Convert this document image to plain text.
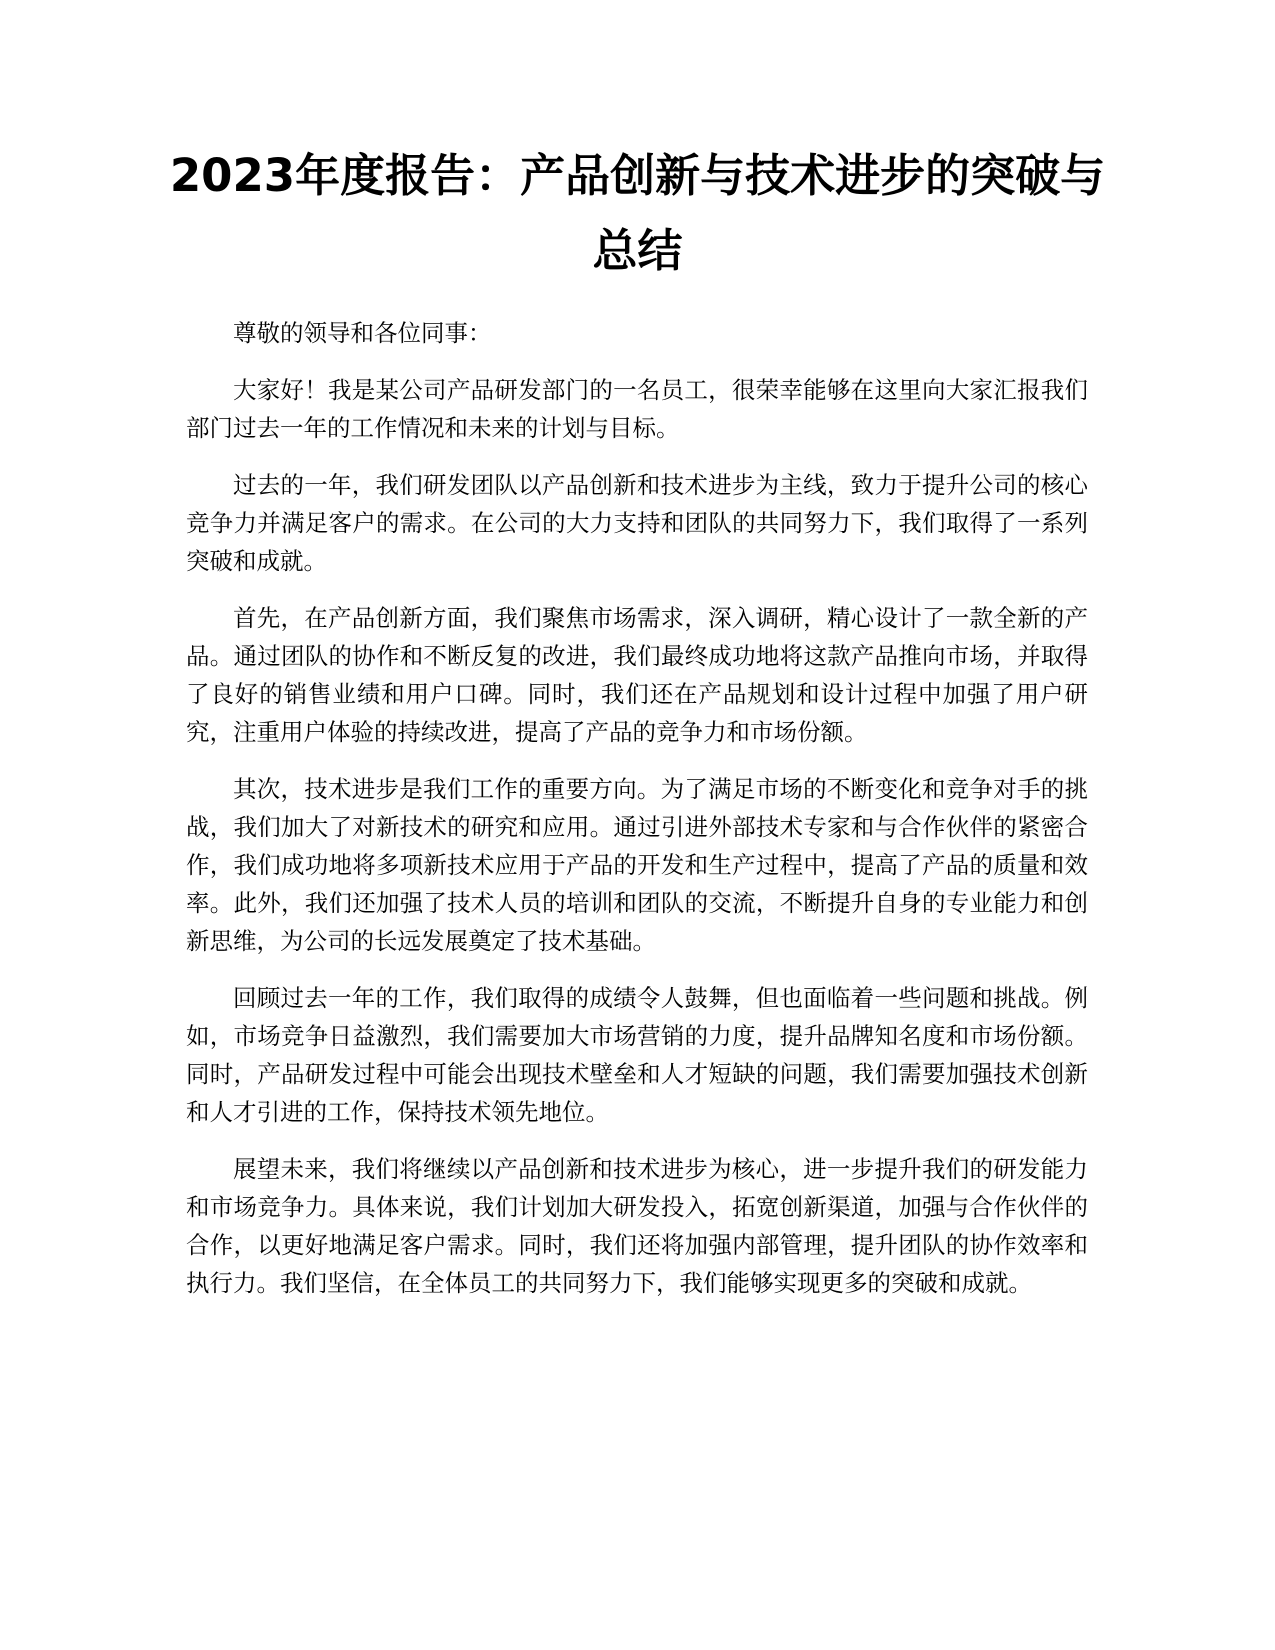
2023年度报告：产品创新与技术进步的突破与总结

尊敬的领导和各位同事：

大家好！我是某公司产品研发部门的一名员工，很荣幸能够在这里向大家汇报我们部门过去一年的工作情况和未来的计划与目标。

过去的一年，我们研发团队以产品创新和技术进步为主线，致力于提升公司的核心竞争力并满足客户的需求。在公司的大力支持和团队的共同努力下，我们取得了一系列突破和成就。

首先，在产品创新方面，我们聚焦市场需求，深入调研，精心设计了一款全新的产品。通过团队的协作和不断反复的改进，我们最终成功地将这款产品推向市场，并取得了良好的销售业绩和用户口碑。同时，我们还在产品规划和设计过程中加强了用户研究，注重用户体验的持续改进，提高了产品的竞争力和市场份额。

其次，技术进步是我们工作的重要方向。为了满足市场的不断变化和竞争对手的挑战，我们加大了对新技术的研究和应用。通过引进外部技术专家和与合作伙伴的紧密合作，我们成功地将多项新技术应用于产品的开发和生产过程中，提高了产品的质量和效率。此外，我们还加强了技术人员的培训和团队的交流，不断提升自身的专业能力和创新思维，为公司的长远发展奠定了技术基础。

回顾过去一年的工作，我们取得的成绩令人鼓舞，但也面临着一些问题和挑战。例如，市场竞争日益激烈，我们需要加大市场营销的力度，提升品牌知名度和市场份额。同时，产品研发过程中可能会出现技术壁垒和人才短缺的问题，我们需要加强技术创新和人才引进的工作，保持技术领先地位。

展望未来，我们将继续以产品创新和技术进步为核心，进一步提升我们的研发能力和市场竞争力。具体来说，我们计划加大研发投入，拓宽创新渠道，加强与合作伙伴的合作，以更好地满足客户需求。同时，我们还将加强内部管理，提升团队的协作效率和执行力。我们坚信，在全体员工的共同努力下，我们能够实现更多的突破和成就。
